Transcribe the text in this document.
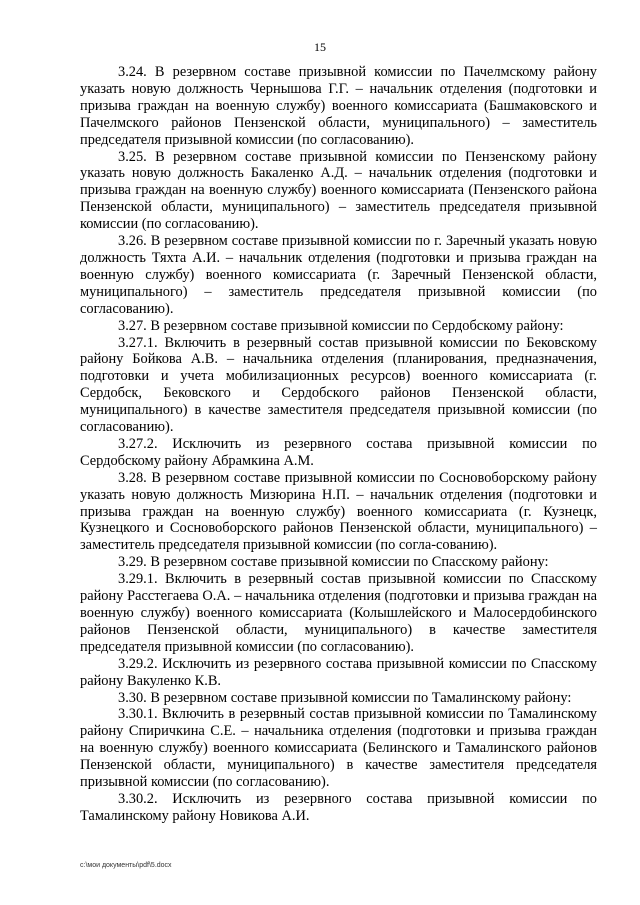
15

3.24. В резервном составе призывной комиссии по Пачелмскому району указать новую должность Чернышова Г.Г. – начальник отделения (подготовки и призыва граждан на военную службу) военного комиссариата (Башмаковского и Пачелмского районов Пензенской области, муниципального) – заместитель председателя призывной комиссии (по согласованию).

3.25. В резервном составе призывной комиссии по Пензенскому району указать новую должность Бакаленко А.Д. – начальник отделения (подготовки и призыва граждан на военную службу) военного комиссариата (Пензенского района Пензенской области, муниципального) – заместитель председателя призывной комиссии (по согласованию).

3.26. В резервном составе призывной комиссии по г. Заречный указать новую должность Тяхта А.И. – начальник отделения (подготовки и призыва граждан на военную службу) военного комиссариата (г. Заречный Пензенской области, муниципального) – заместитель председателя призывной комиссии (по согласованию).

3.27. В резервном составе призывной комиссии по Сердобскому району:

3.27.1. Включить в резервный состав призывной комиссии по Бековскому району Бойкова А.В. – начальника отделения (планирования, предназначения, подготовки и учета мобилизационных ресурсов) военного комиссариата (г. Сердобск, Бековского и Сердобского районов Пензенской области, муниципального) в качестве заместителя председателя призывной комиссии (по согласованию).

3.27.2. Исключить из резервного состава призывной комиссии по Сердобскому району Абрамкина А.М.

3.28. В резервном составе призывной комиссии по Сосновоборскому району указать новую должность Мизюрина Н.П. – начальник отделения (подготовки и призыва граждан на военную службу) военного комиссариата (г. Кузнецк, Кузнецкого и Сосновоборского районов Пензенской области, муниципального) – заместитель председателя призывной комиссии (по согла-сованию).

3.29. В резервном составе призывной комиссии по Спасскому району:

3.29.1. Включить в резервный состав призывной комиссии по Спасскому району Расстегаева О.А. – начальника отделения (подготовки и призыва граждан на военную службу) военного комиссариата (Колышлейского и Малосердобинского районов Пензенской области, муниципального) в качестве заместителя председателя призывной комиссии (по согласованию).

3.29.2. Исключить из резервного состава призывной комиссии по Спасскому району Вакуленко К.В.

3.30. В резервном составе призывной комиссии по Тамалинскому району:

3.30.1. Включить в резервный состав призывной комиссии по Тамалинскому району Спиричкина С.Е. – начальника отделения (подготовки и призыва граждан на военную службу) военного комиссариата (Белинского и Тамалинского районов Пензенской области, муниципального) в качестве заместителя председателя призывной комиссии (по согласованию).

3.30.2. Исключить из резервного состава призывной комиссии по Тамалинскому району Новикова А.И.

c:\мои документы\pdf\5.docx
